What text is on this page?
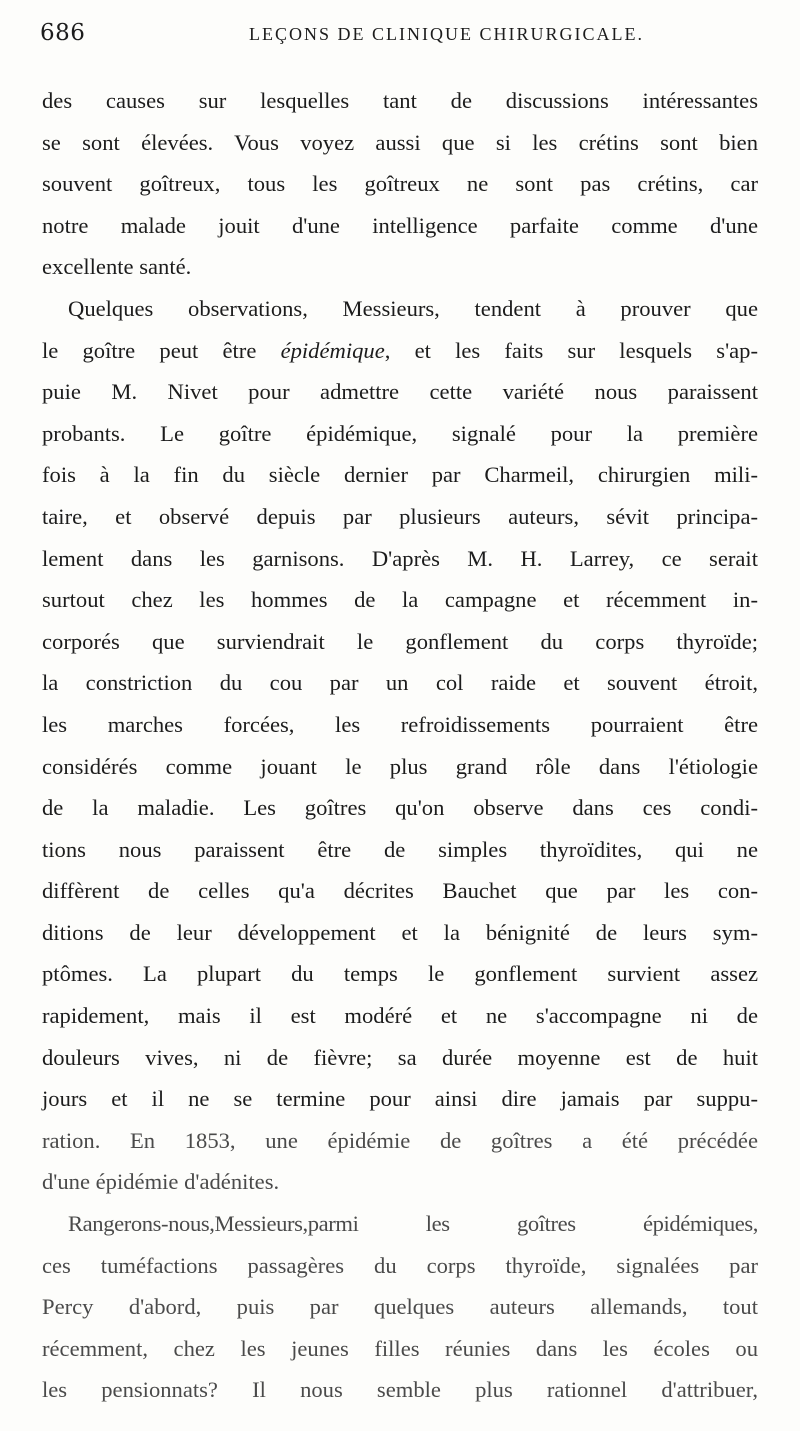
686	LEÇONS DE CLINIQUE CHIRURGICALE.
des causes sur lesquelles tant de discussions intéressantes
se sont élevées. Vous voyez aussi que si les crétins sont bien
souvent goîtreux, tous les goîtreux ne sont pas crétins, car
notre malade jouit d'une intelligence parfaite comme d'une
excellente santé.
Quelques observations, Messieurs, tendent à prouver que
le goître peut être épidémique, et les faits sur lesquels s'ap-
puie M. Nivet pour admettre cette variété nous paraissent
probants. Le goître épidémique, signalé pour la première
fois à la fin du siècle dernier par Charmeil, chirurgien mili-
taire, et observé depuis par plusieurs auteurs, sévit principa-
lement dans les garnisons. D'après M. H. Larrey, ce serait
surtout chez les hommes de la campagne et récemment in-
corporés que surviendrait le gonflement du corps thyroïde;
la constriction du cou par un col raide et souvent étroit,
les marches forcées, les refroidissements pourraient être
considérés comme jouant le plus grand rôle dans l'étiologie
de la maladie. Les goîtres qu'on observe dans ces condi-
tions nous paraissent être de simples thyroïdites, qui ne
diffèrent de celles qu'a décrites Bauchet que par les con-
ditions de leur développement et la bénignité de leurs sym-
ptômes. La plupart du temps le gonflement survient assez
rapidement, mais il est modéré et ne s'accompagne ni de
douleurs vives, ni de fièvre; sa durée moyenne est de huit
jours et il ne se termine pour ainsi dire jamais par suppu-
ration. En 1853, une épidémie de goîtres a été précédée
d'une épidémie d'adénites.
Rangerons-nous,Messieurs,parmi les goîtres épidémiques,
ces tuméfactions passagères du corps thyroïde, signalées par
Percy d'abord, puis par quelques auteurs allemands, tout
récemment, chez les jeunes filles réunies dans les écoles ou
les pensionnats? Il nous semble plus rationnel d'attribuer,
